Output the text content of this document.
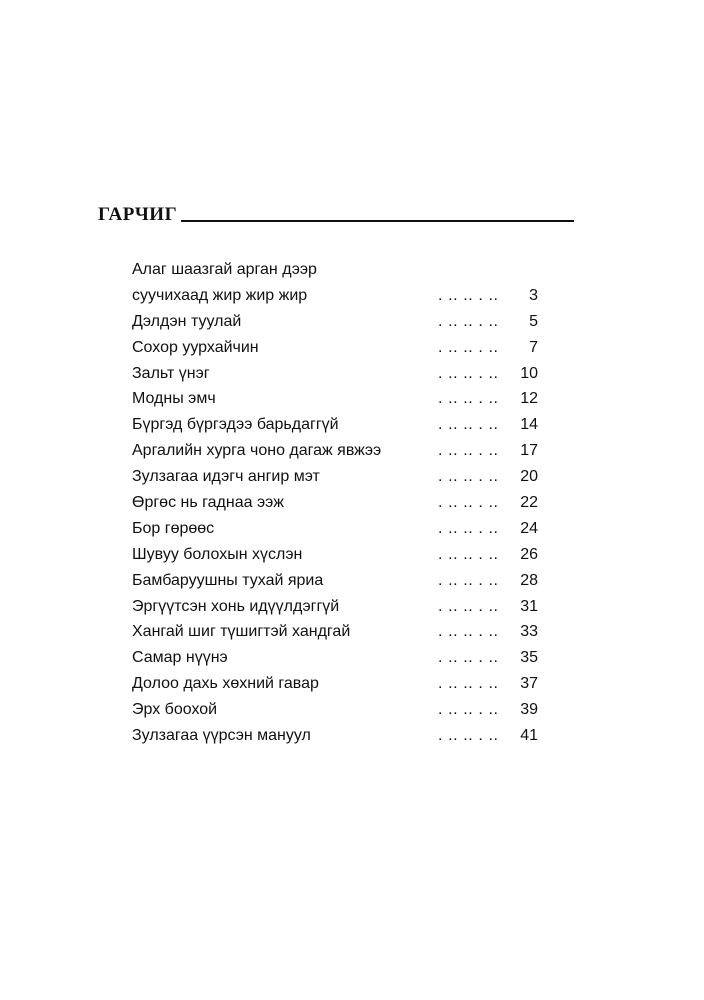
ГАРЧИГ
Алаг шаазгай арган дээр
суучихаад жир жир жир	. .. .. . .. 3
Дэлдэн туулай	. .. .. . .. 5
Сохор уурхайчин	. .. .. . .. 7
Зальт үнэг	. .. .. . .. 10
Модны эмч	. .. .. . .. 12
Бүргэд бүргэдээ барьдаггүй	. .. .. . .. 14
Аргалийн хурга чоно дагаж явжээ	. .. .. . .. 17
Зулзагаа идэгч ангир мэт	. .. .. . .. 20
Өргөс нь гаднаа ээж	. .. .. . .. 22
Бор гөрөөс	. .. .. . .. 24
Шувуу болохын хүслэн	. .. .. . .. 26
Бамбаруушны тухай яриа	. .. .. . .. 28
Эргүүтсэн хонь идүүлдэггүй	. .. .. . .. 31
Хангай шиг түшигтэй хандгай	. .. .. . .. 33
Самар нүүнэ	. .. .. . .. 35
Долоо дахь хөхний гавар	. .. .. . .. 37
Эрх боохой	. .. .. . .. 39
Зулзагаа үүрсэн мануул	. .. .. . .. 41
